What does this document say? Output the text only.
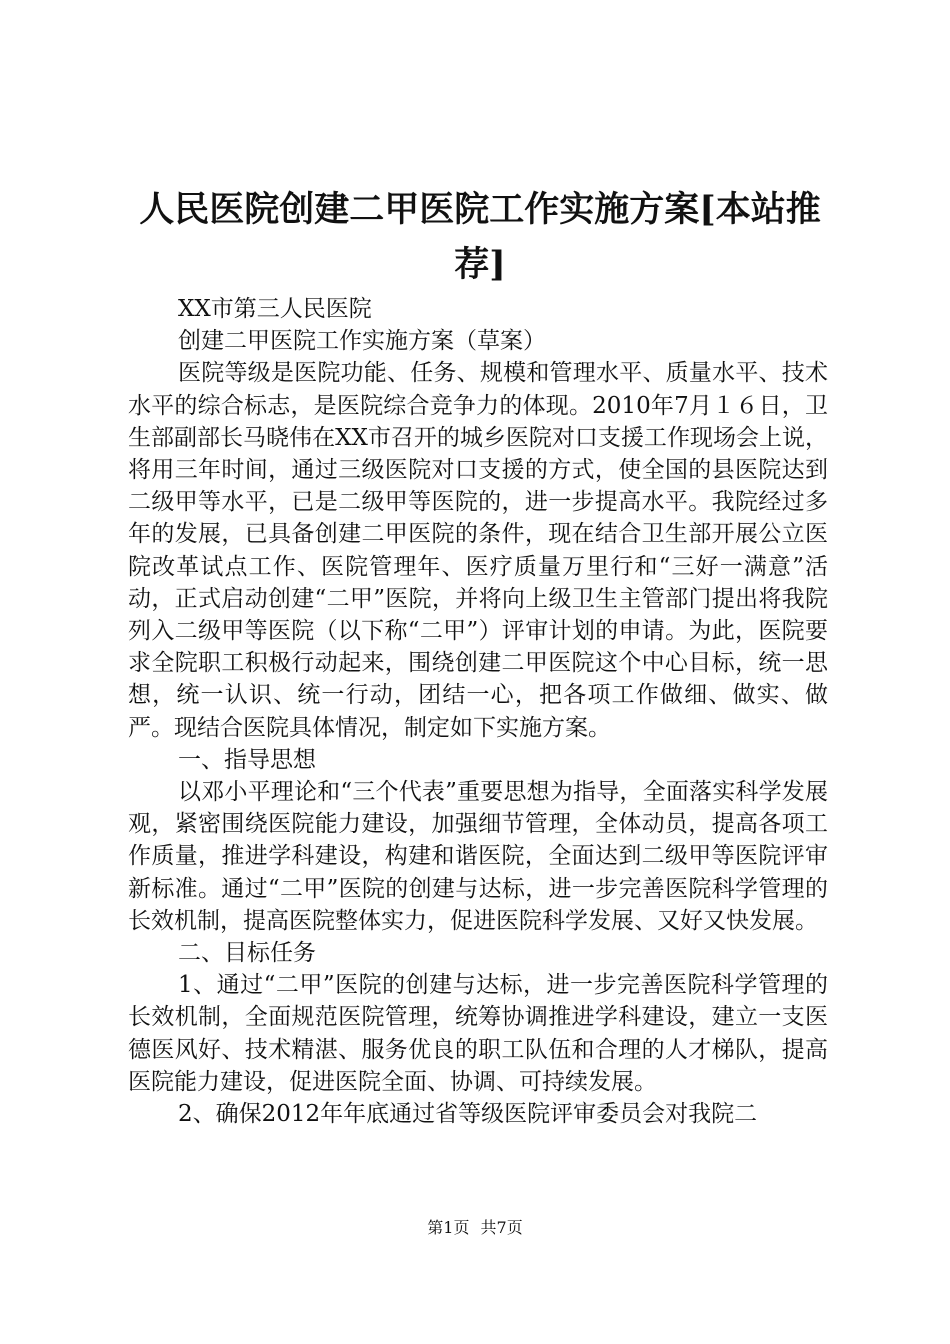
人民医院创建二甲医院工作实施方案[本站推荐]

XX市第三人民医院

创建二甲医院工作实施方案（草案）

医院等级是医院功能、任务、规模和管理水平、质量水平、技术水平的综合标志，是医院综合竞争力的体现。2010年7月１６日，卫生部副部长马晓伟在XX市召开的城乡医院对口支援工作现场会上说，将用三年时间，通过三级医院对口支援的方式，使全国的县医院达到二级甲等水平，已是二级甲等医院的，进一步提高水平。我院经过多年的发展，已具备创建二甲医院的条件，现在结合卫生部开展公立医院改革试点工作、医院管理年、医疗质量万里行和“三好一满意”活动，正式启动创建“二甲”医院，并将向上级卫生主管部门提出将我院列入二级甲等医院（以下称“二甲”）评审计划的申请。为此，医院要求全院职工积极行动起来，围绕创建二甲医院这个中心目标，统一思想，统一认识、统一行动，团结一心，把各项工作做细、做实、做严。现结合医院具体情况，制定如下实施方案。

一、指导思想

以邓小平理论和“三个代表”重要思想为指导，全面落实科学发展观，紧密围绕医院能力建设，加强细节管理，全体动员，提高各项工作质量，推进学科建设，构建和谐医院，全面达到二级甲等医院评审新标准。通过“二甲”医院的创建与达标，进一步完善医院科学管理的长效机制，提高医院整体实力，促进医院科学发展、又好又快发展。

二、目标任务

1、通过“二甲”医院的创建与达标，进一步完善医院科学管理的长效机制，全面规范医院管理，统筹协调推进学科建设，建立一支医德医风好、技术精湛、服务优良的职工队伍和合理的人才梯队，提高医院能力建设，促进医院全面、协调、可持续发展。

2、确保2012年年底通过省等级医院评审委员会对我院二

第1页 共7页
